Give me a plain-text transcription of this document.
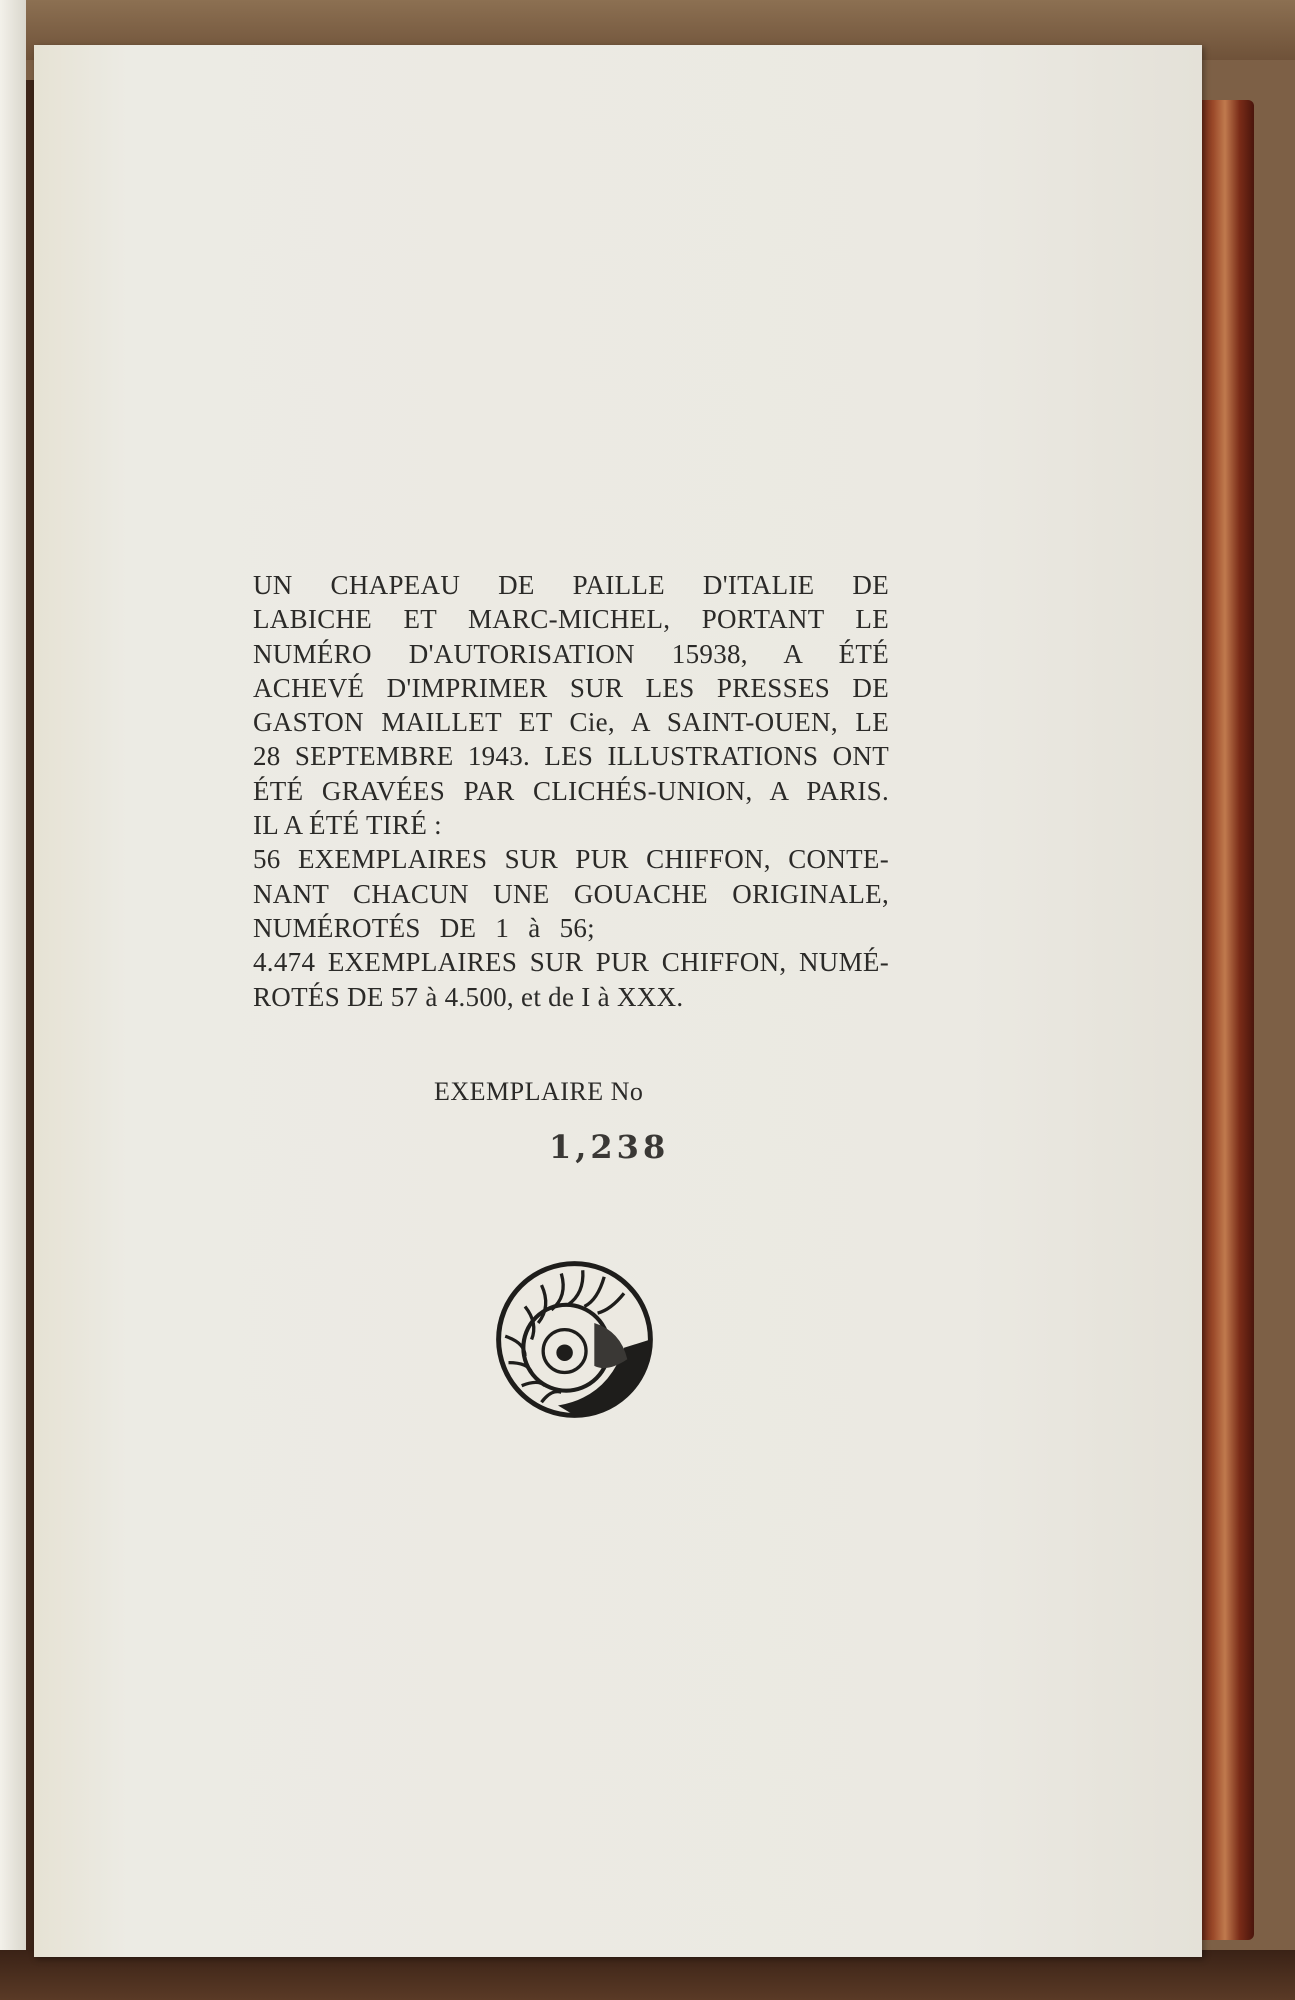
UN CHAPEAU DE PAILLE D'ITALIE DE
LABICHE ET MARC-MICHEL, PORTANT LE
NUMÉRO D'AUTORISATION 15938, A ÉTÉ
ACHEVÉ D'IMPRIMER SUR LES PRESSES DE
GASTON MAILLET ET Cie, A SAINT-OUEN, LE
28 SEPTEMBRE 1943. LES ILLUSTRATIONS ONT
ÉTÉ GRAVÉES PAR CLICHÉS-UNION, A PARIS.
IL A ÉTÉ TIRÉ :
56 EXEMPLAIRES SUR PUR CHIFFON, CONTE-
NANT CHACUN UNE GOUACHE ORIGINALE,
NUMÉROTÉS DE 1 à 56;
4.474 EXEMPLAIRES SUR PUR CHIFFON, NUMÉ-
ROTÉS DE 57 à 4.500, et de I à XXX.
EXEMPLAIRE No
1,238
